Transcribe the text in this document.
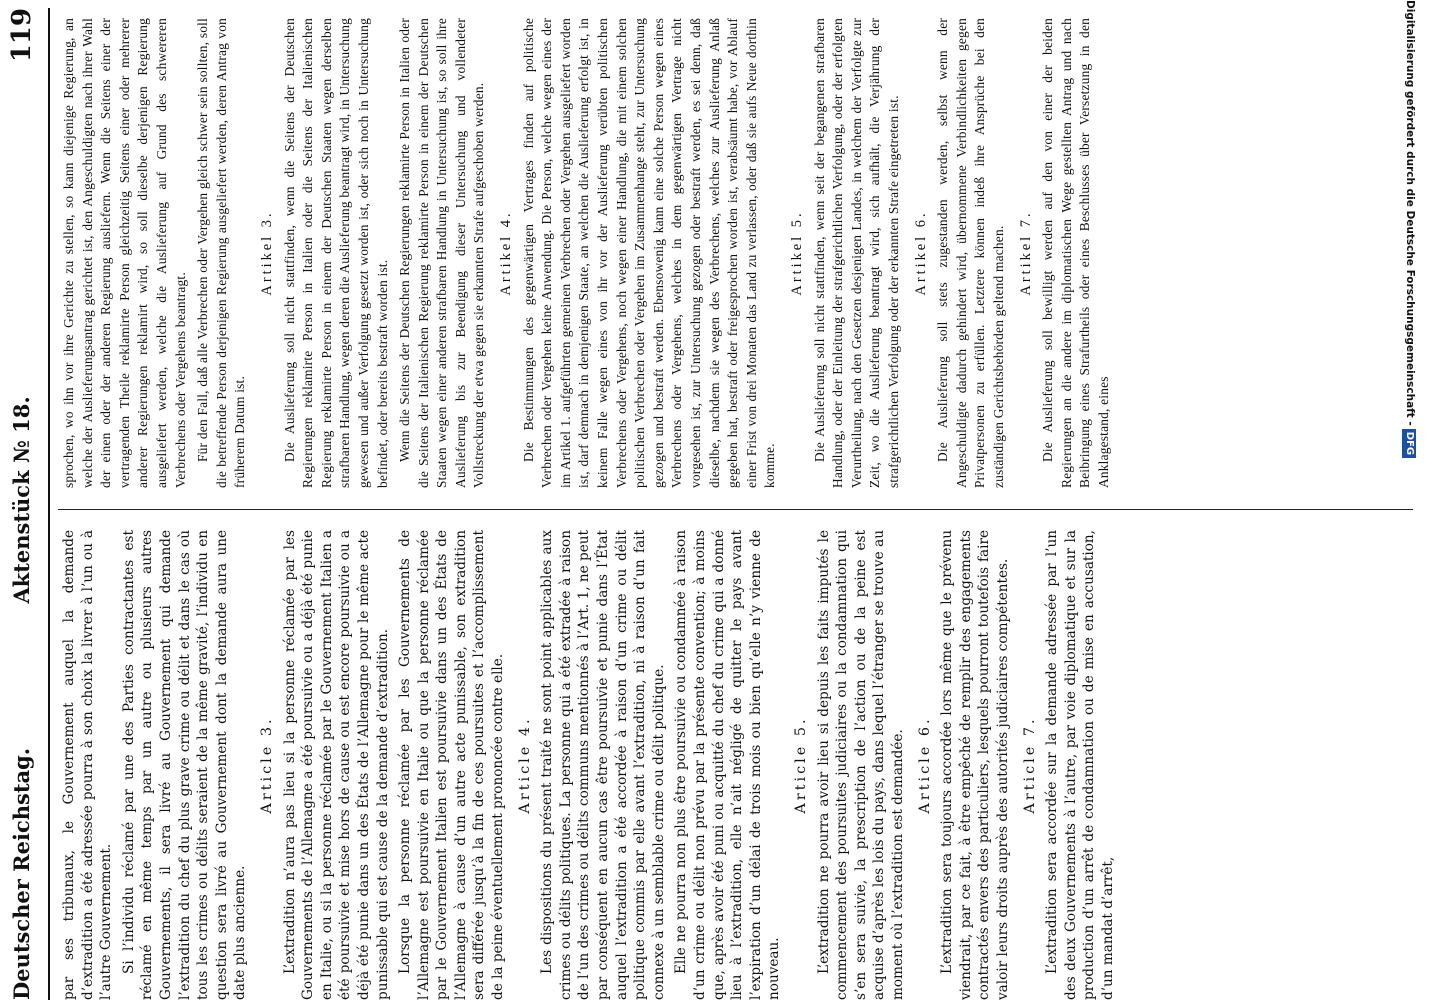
Deutscher Reichstag.
Aktenstück № 18.
119

par ses tribunaux, le Gouvernement auquel la demande d’extradition a été adressée pourra à son choix la livrer à l’un ou à l’autre Gouvernement. Si l’individu réclamé par une des Parties contractantes est réclamé en même temps par un autre ou plusieurs autres Gouvernements, il sera livré au Gouvernement qui demande l’extradition du chef du plus grave crime ou délit et dans le cas où tous les crimes ou délits seraient de la même gravité, l’individu en question sera livré au Gouvernement dont la demande aura une date plus ancienne.

Article 3. L’extradition n’aura pas lieu si la personne réclamée par les Gouvernements de l’Allemagne a été poursuivie ou a déjà été punie en Italie, ou si la personne réclamée par le Gouvernement Italien a été poursuivie et mise hors de cause ou est encore poursuivie ou a déjà été punie dans un des États de l’Allemagne pour le même acte punissable qui est cause de la demande d’extradition. Lorsque la personne réclamée par les Gouvernements de l’Allemagne est poursuivie en Italie ou que la personne réclamée par le Gouvernement Italien est poursuivie dans un des États de l’Allemagne à cause d’un autre acte punissable, son extradition sera différée jusqu’à la fin de ces poursuites et l’accomplissement de la peine éventuellement prononcée contre elle. Article 4. Les dispositions du présent traité ne sont point applicables aux crimes ou délits politiques. La personne qui a été extradée à raison de l’un des crimes ou délits communs mentionnés à l’Art. 1, ne peut par conséquent en aucun cas être poursuivie et punie dans l’État auquel l’extradition a été accordée à raison d’un crime ou délit politique commis par elle avant l’extradition, ni à raison d’un fait connexe à un semblable crime ou délit politique. Elle ne pourra non plus être poursuivie ou condamnée à raison d’un crime ou délit non prévu par la présente convention; à moins que, après avoir été puni ou acquitté du chef du crime qui a donné lieu à l’extradition, elle n’ait négligé de quitter le pays avant l’expiration d’un délai de trois mois ou bien qu’elle n’y vienne de nouveau.

Article 5. L’extradition ne pourra avoir lieu si depuis les faits imputés le commencement des poursuites judiciaires ou la condamnation qui s’en sera suivie, la prescription de l’action ou de la peine est acquise d’après les lois du pays, dans lequel l’étranger se trouve au moment où l’extradition est demandée. Article 6. L’extradition sera toujours accordée lors même que le prévenu viendrait, par ce fait, à être empêché de remplir des engagements contractés envers des particuliers, lesquels pourront toutefois faire valoir leurs droits auprès des autorités judiciaires compétentes. Article 7. L’extradition sera accordée sur la demande adressée par l’un des deux Gouvernements à l’autre, par voie diplomatique et sur la production d’un arrêt de condamnation ou de mise en accusation, d’un mandat d’arrêt,

sprochen, wo ihn vor ihre Gerichte zu stellen, so kann diejenige Regierung, an welche der Auslieferungsantrag gerichtet ist, den Angeschuldigten nach ihrer Wahl der einen oder der anderen Regierung ausliefern. Wenn die Seitens einer der vertragenden Theile reklamirte Person gleichzeitig Seitens einer oder mehrerer anderer Regierungen reklamirt wird, so soll dieselbe derjenigen Regierung ausgeliefert werden, welche die Auslieferung auf Grund des schwereren Verbrechens oder Vergehens beantragt. Für den Fall, daß alle Verbrechen oder Vergehen gleich schwer sein sollten, soll die betreffende Person derjenigen Regierung ausgeliefert werden, deren Antrag von früherem Datum ist.

Artikel 3. Die Auslieferung soll nicht stattfinden, wenn die Seitens der Deutschen Regierungen reklamirte Person in Italien oder die Seitens der Italienischen Regierung reklamirte Person in einem der Deutschen Staaten wegen derselben strafbaren Handlung, wegen deren die Auslieferung beantragt wird, in Untersuchung gewesen und außer Verfolgung gesetzt worden ist, oder sich noch in Untersuchung befindet, oder bereits bestraft worden ist. Wenn die Seitens der Deutschen Regierungen reklamirte Person in Italien oder die Seitens der Italienischen Regierung reklamirte Person in einem der Deutschen Staaten wegen einer anderen strafbaren Handlung in Untersuchung ist, so soll ihre Auslieferung bis zur Beendigung dieser Untersuchung und vollendeter Vollstreckung der etwa gegen sie erkannten Strafe aufgeschoben werden. Artikel 4. Die Bestimmungen des gegenwärtigen Vertrages finden auf politische Verbrechen oder Vergehen keine Anwendung. Die Person, welche wegen eines der im Artikel 1. aufgeführten gemeinen Verbrechen oder Vergehen ausgeliefert worden ist, darf demnach in demjenigen Staate, an welchen die Auslieferung erfolgt ist, in keinem Falle wegen eines von ihr vor der Auslieferung verübten politischen Verbrechens oder Vergehens, noch wegen einer Handlung, die mit einem solchen politischen Verbrechen oder Vergehen im Zusammenhange steht, zur Untersuchung gezogen und bestraft werden. Ebensowenig kann eine solche Person wegen eines Verbrechens oder Vergehens, welches in dem gegenwärtigen Vertrage nicht vorgesehen ist, zur Untersuchung gezogen oder bestraft werden, es sei denn, daß dieselbe, nachdem sie wegen des Verbrechens, welches zur Auslieferung Anlaß gegeben hat, bestraft oder freigesprochen worden ist, verabsäumt habe, vor Ablauf einer Frist von drei Monaten das Land zu verlassen, oder daß sie aufs Neue dorthin komme.

Artikel 5. Die Auslieferung soll nicht stattfinden, wenn seit der begangenen strafbaren Handlung, oder der Einleitung der strafgerichtlichen Verfolgung, oder der erfolgten Verurtheilung, nach den Gesetzen desjenigen Landes, in welchem der Verfolgte zur Zeit, wo die Auslieferung beantragt wird, sich aufhält, die Verjährung der strafgerichtlichen Verfolgung oder der erkannten Strafe eingetreten ist. Artikel 6. Die Auslieferung soll stets zugestanden werden, selbst wenn der Angeschuldigte dadurch gehindert wird, übernommene Verbindlichkeiten gegen Privatpersonen zu erfüllen. Letztere können indeß ihre Ansprüche bei den zuständigen Gerichtsbehörden geltend machen. Artikel 7. Die Auslieferung soll bewilligt werden auf den von einer der beiden Regierungen an die andere im diplomatischen Wege gestellten Antrag und nach Beibringung eines Strafurtheils oder eines Beschlusses über Versetzung in den Anklagestand, eines

Digitalisierung gefördert durch die Deutsche Forschungsgemeinschaft -DFG
